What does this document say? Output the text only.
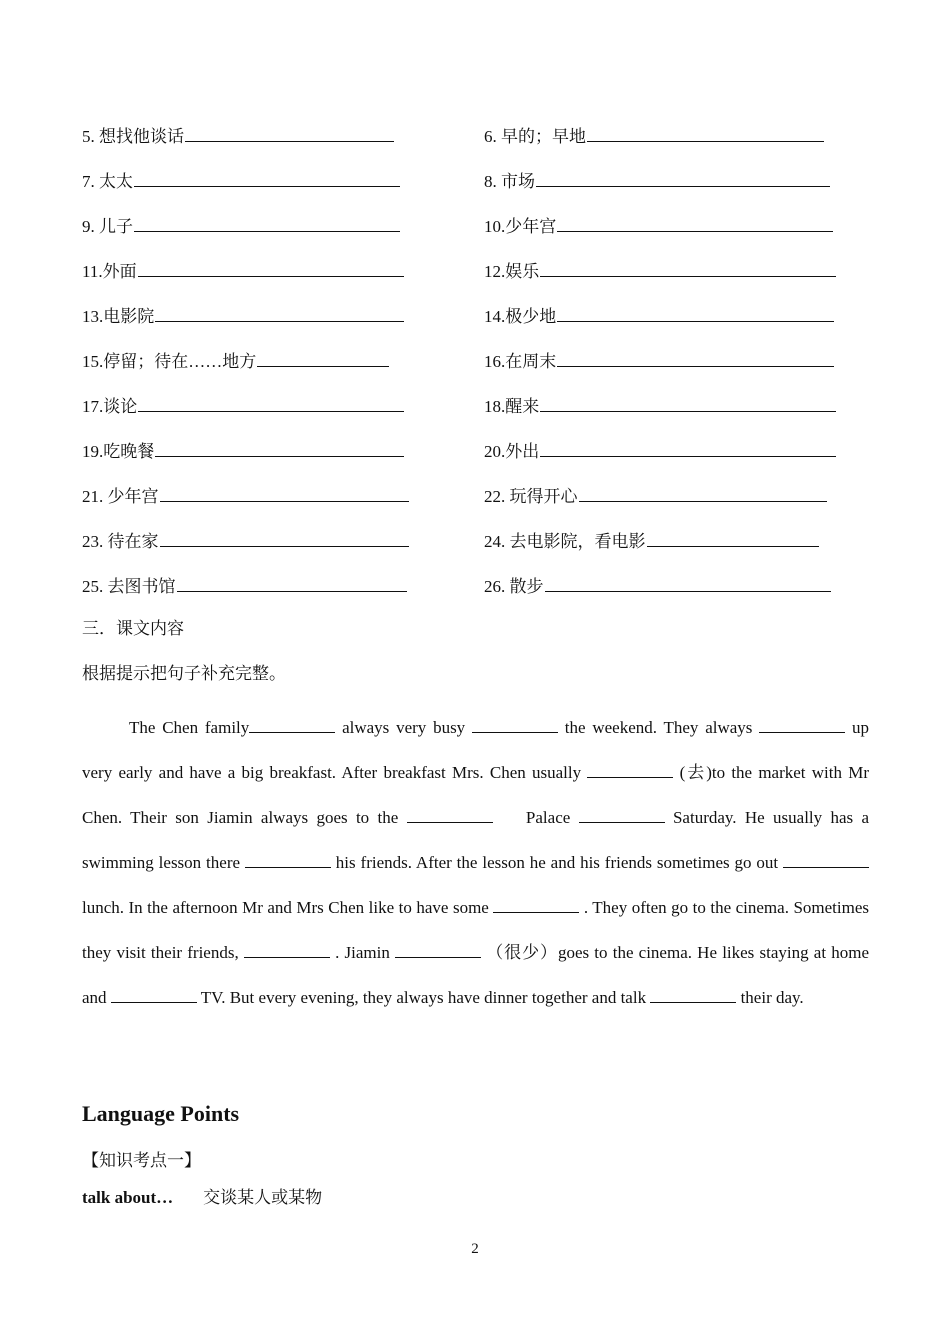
5. 想找他谈话	6. 早的；早地
7. 太太	8. 市场
9. 儿子	10.少年宫
11.外面	12.娱乐
13.电影院	14.极少地
15.停留；待在……地方	16.在周末
17.谈论	18.醒来
19.吃晚餐	20.外出
21. 少年宫	22. 玩得开心
23. 待在家	24. 去电影院，看电影
25. 去图书馆	26. 散步
三．课文内容
根据提示把句子补充完整。
The Chen family	always very busy	the weekend. They always	up very early and have a big breakfast. After breakfast Mrs. Chen usually	(去)to the market with Mr Chen. Their son Jiamin always goes to the	Palace	Saturday. He usually has a swimming lesson there	his friends. After the lesson he and his friends sometimes go out  lunch. In the afternoon Mr and Mrs Chen like to have some	. They often go to the cinema. Sometimes they visit their friends,	. Jiamin	（很少）goes to the cinema. He likes staying at home and	TV. But every evening, they always have dinner together and talk	their day.
Language Points
【知识考点一】
talk about… 交谈某人或某物
2
